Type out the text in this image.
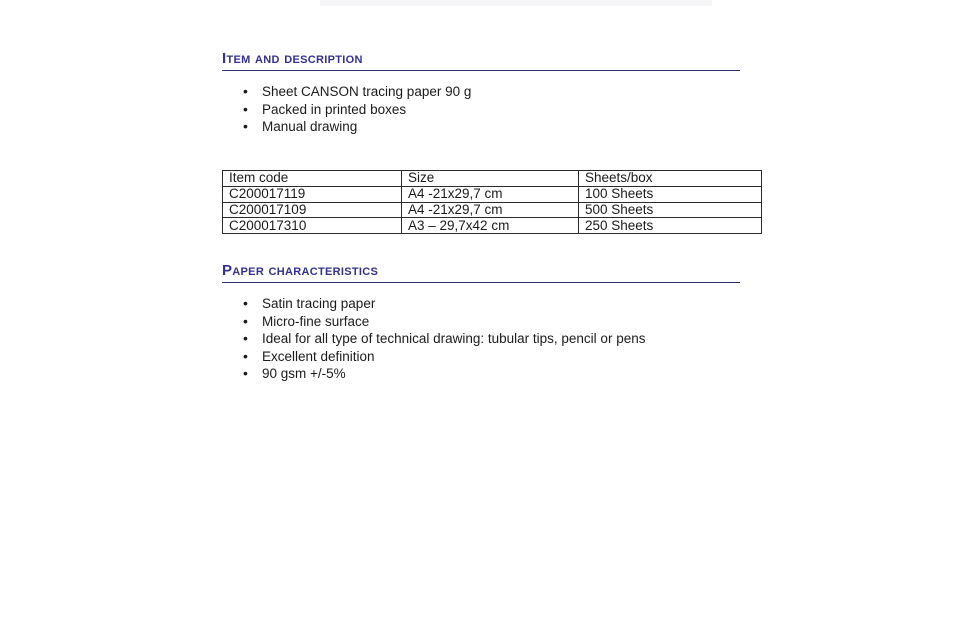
Item and description
• Sheet CANSON tracing paper 90 g
• Packed in printed boxes
• Manual drawing
Item code	Size	Sheets/box
C200017119	A4 -21x29,7 cm	100 Sheets
C200017109	A4 -21x29,7 cm	500 Sheets
C200017310	A3 – 29,7x42 cm	250 Sheets
Paper characteristics
• Satin tracing paper
• Micro-fine surface
• Ideal for all type of technical drawing: tubular tips, pencil or pens
• Excellent definition
• 90 gsm +/-5%
